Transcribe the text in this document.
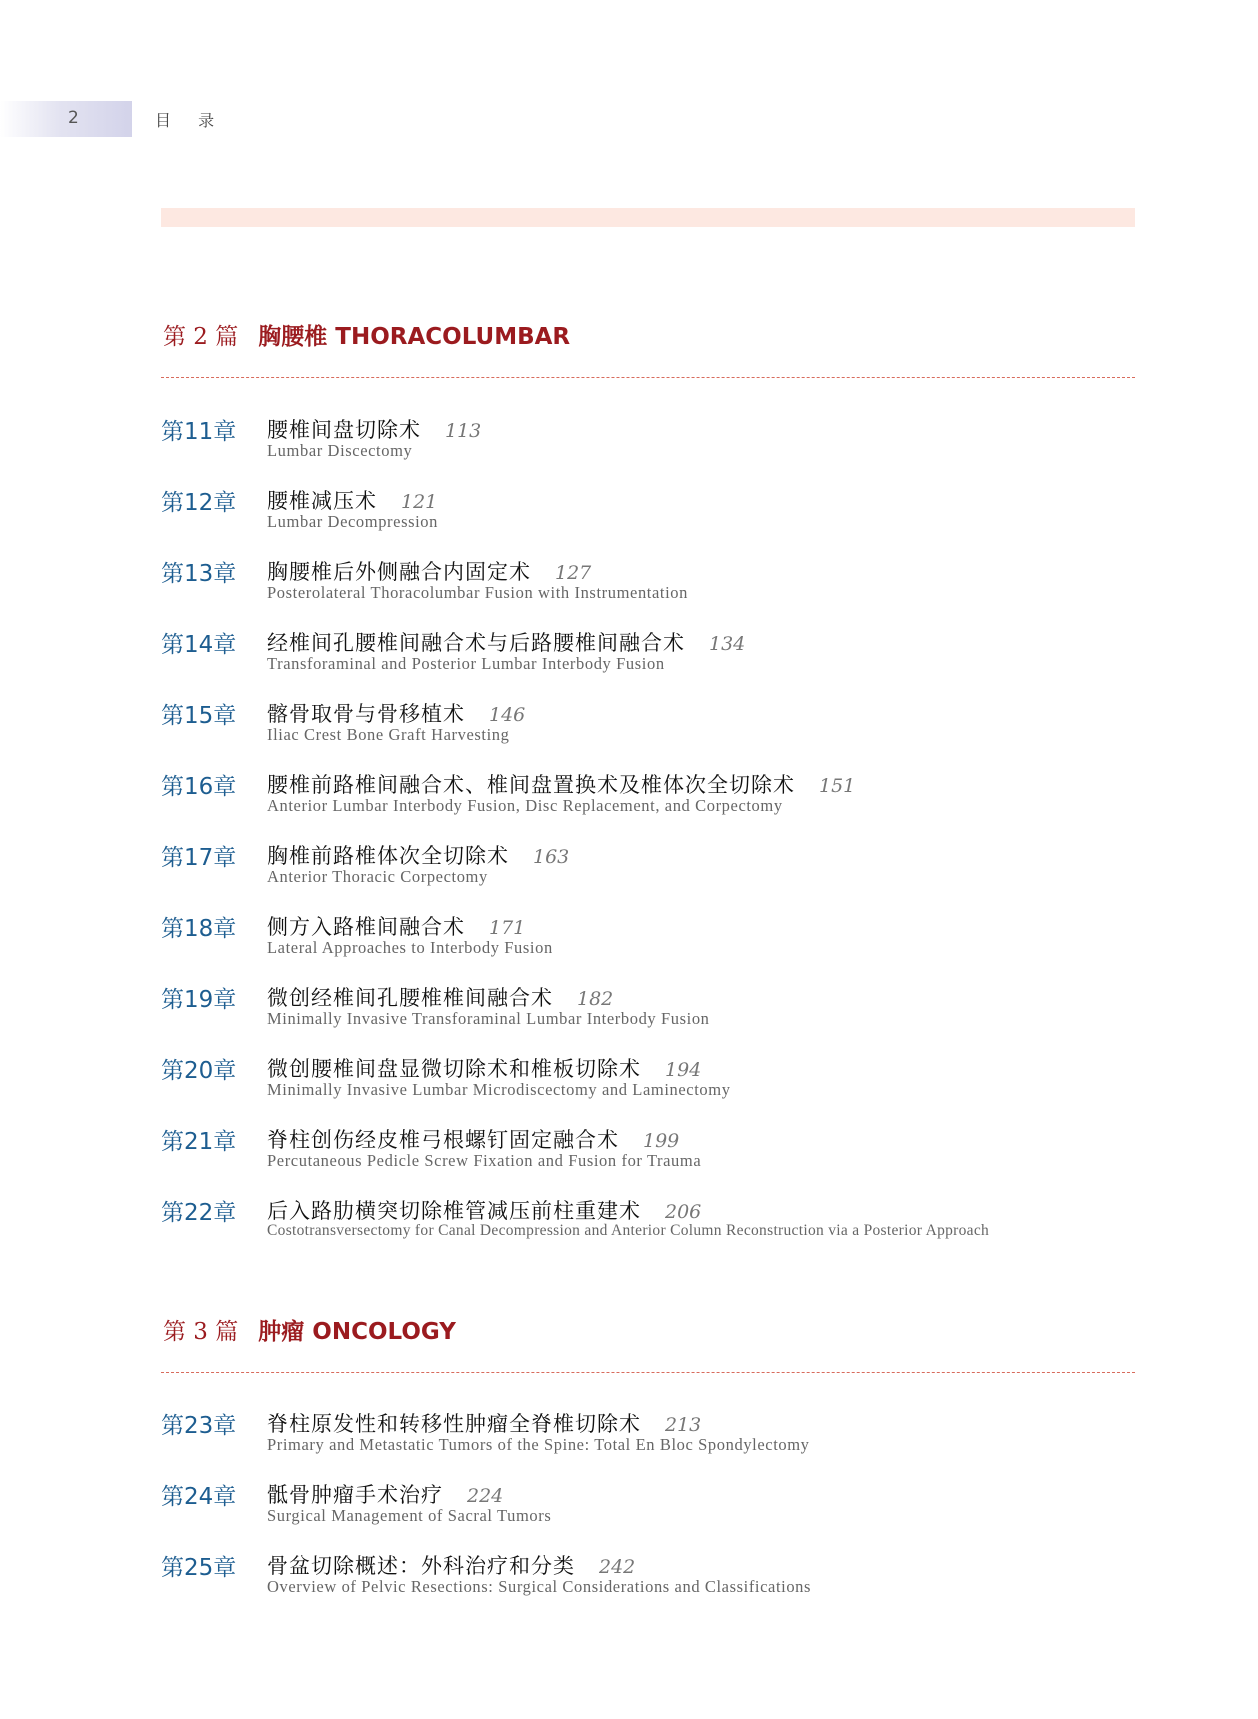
2	目 录
第 2 篇 胸腰椎 THORACOLUMBAR
第11章 腰椎间盘切除术 113
Lumbar Discectomy
第12章 腰椎减压术 121
Lumbar Decompression
第13章 胸腰椎后外侧融合内固定术 127
Posterolateral Thoracolumbar Fusion with Instrumentation
第14章 经椎间孔腰椎间融合术与后路腰椎间融合术 134
Transforaminal and Posterior Lumbar Interbody Fusion
第15章 髂骨取骨与骨移植术 146
Iliac Crest Bone Graft Harvesting
第16章 腰椎前路椎间融合术、椎间盘置换术及椎体次全切除术 151
Anterior Lumbar Interbody Fusion, Disc Replacement, and Corpectomy
第17章 胸椎前路椎体次全切除术 163
Anterior Thoracic Corpectomy
第18章 侧方入路椎间融合术 171
Lateral Approaches to Interbody Fusion
第19章 微创经椎间孔腰椎椎间融合术 182
Minimally Invasive Transforaminal Lumbar Interbody Fusion
第20章 微创腰椎间盘显微切除术和椎板切除术 194
Minimally Invasive Lumbar Microdiscectomy and Laminectomy
第21章 脊柱创伤经皮椎弓根螺钉固定融合术 199
Percutaneous Pedicle Screw Fixation and Fusion for Trauma
第22章 后入路肋横突切除椎管减压前柱重建术 206
Costotransversectomy for Canal Decompression and Anterior Column Reconstruction via a Posterior Approach
第 3 篇 肿瘤 ONCOLOGY
第23章 脊柱原发性和转移性肿瘤全脊椎切除术 213
Primary and Metastatic Tumors of the Spine: Total En Bloc Spondylectomy
第24章 骶骨肿瘤手术治疗 224
Surgical Management of Sacral Tumors
第25章 骨盆切除概述：外科治疗和分类 242
Overview of Pelvic Resections: Surgical Considerations and Classifications
